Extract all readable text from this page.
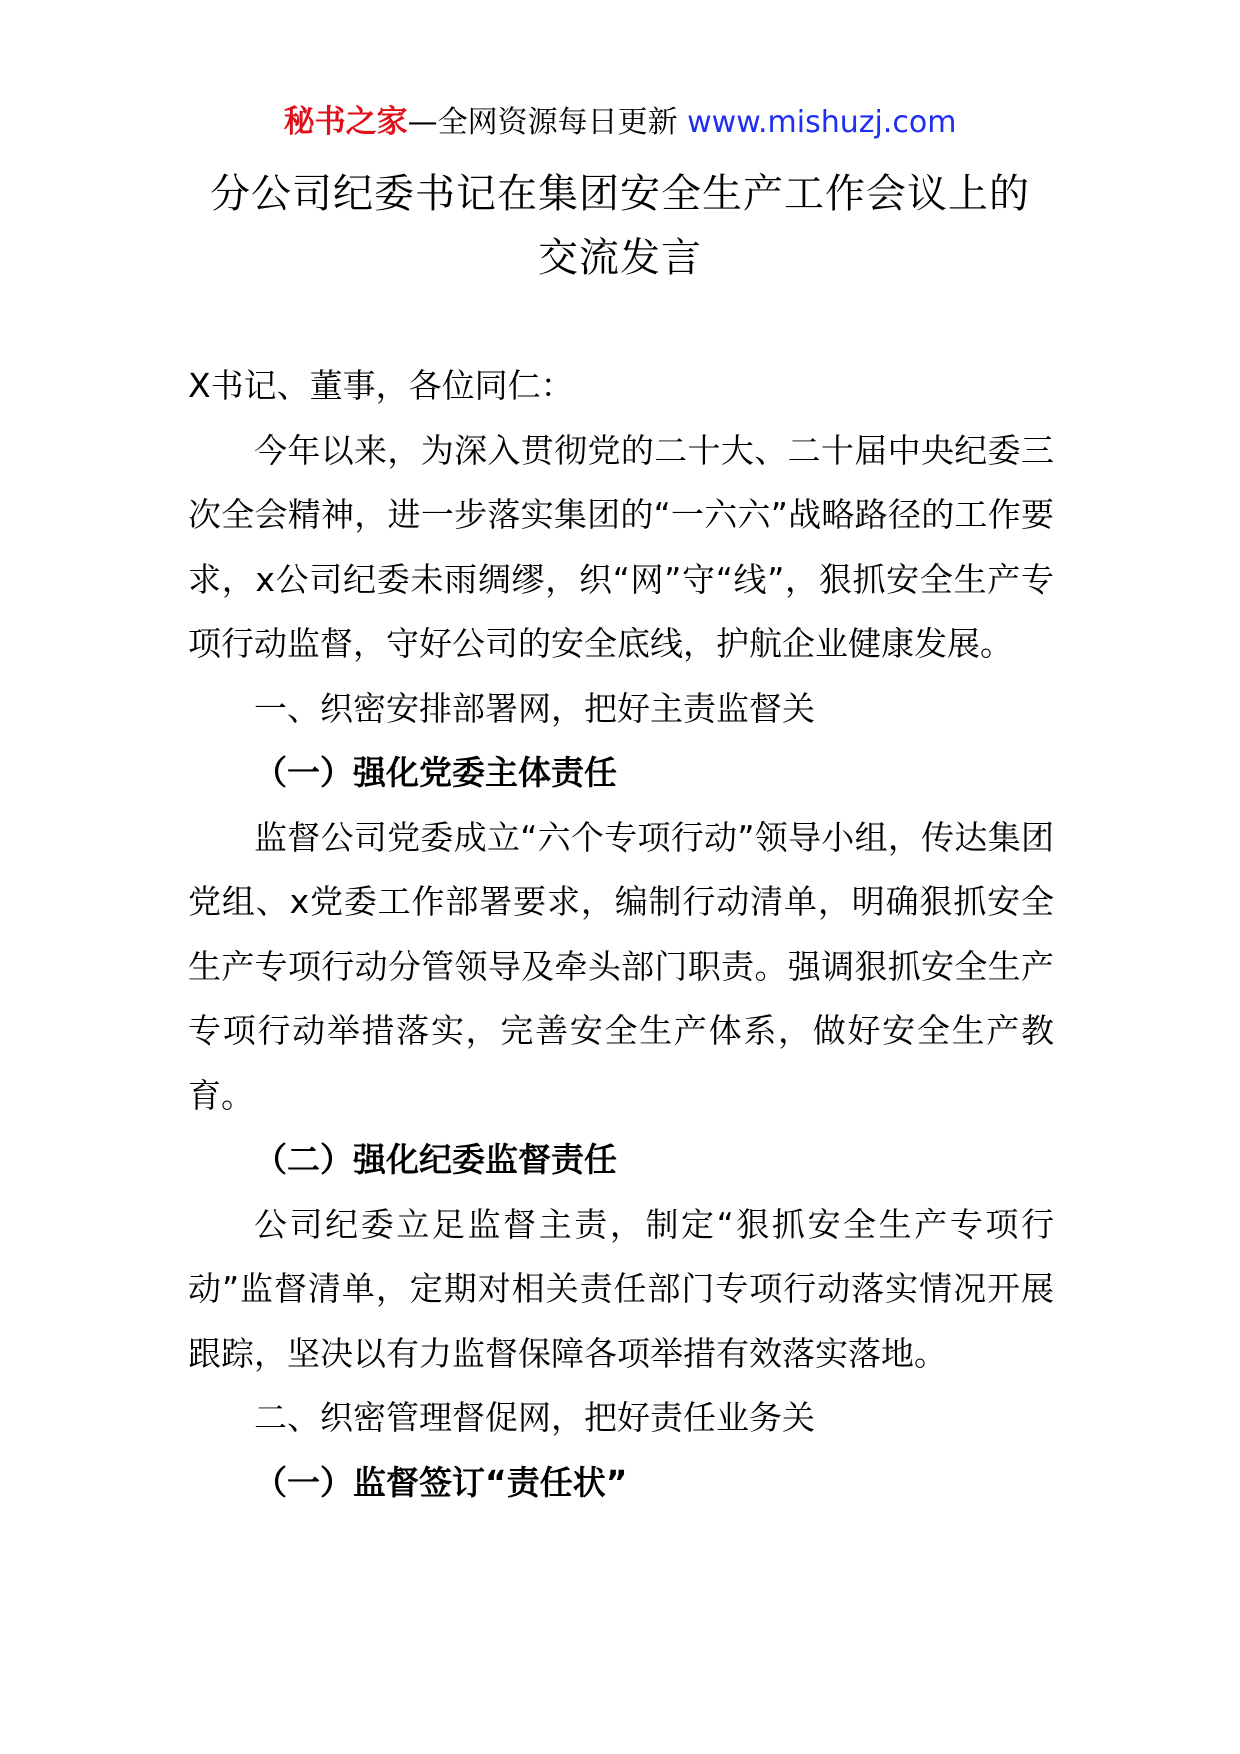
秘书之家—全网资源每日更新 www.mishuzj.com
分公司纪委书记在集团安全生产工作会议上的
交流发言

X书记、董事，各位同仁：

今年以来，为深入贯彻党的二十大、二十届中央纪委三次全会精神，进一步落实集团的“一六六”战略路径的工作要求，x公司纪委未雨绸缪，织“网”守“线”，狠抓安全生产专项行动监督，守好公司的安全底线，护航企业健康发展。

一、织密安排部署网，把好主责监督关

（一）强化党委主体责任

监督公司党委成立“六个专项行动”领导小组，传达集团党组、x党委工作部署要求，编制行动清单，明确狠抓安全生产专项行动分管领导及牵头部门职责。强调狠抓安全生产专项行动举措落实，完善安全生产体系，做好安全生产教育。

（二）强化纪委监督责任

公司纪委立足监督主责，制定“狠抓安全生产专项行动”监督清单，定期对相关责任部门专项行动落实情况开展跟踪，坚决以有力监督保障各项举措有效落实落地。

二、织密管理督促网，把好责任业务关

（一）监督签订“责任状”
